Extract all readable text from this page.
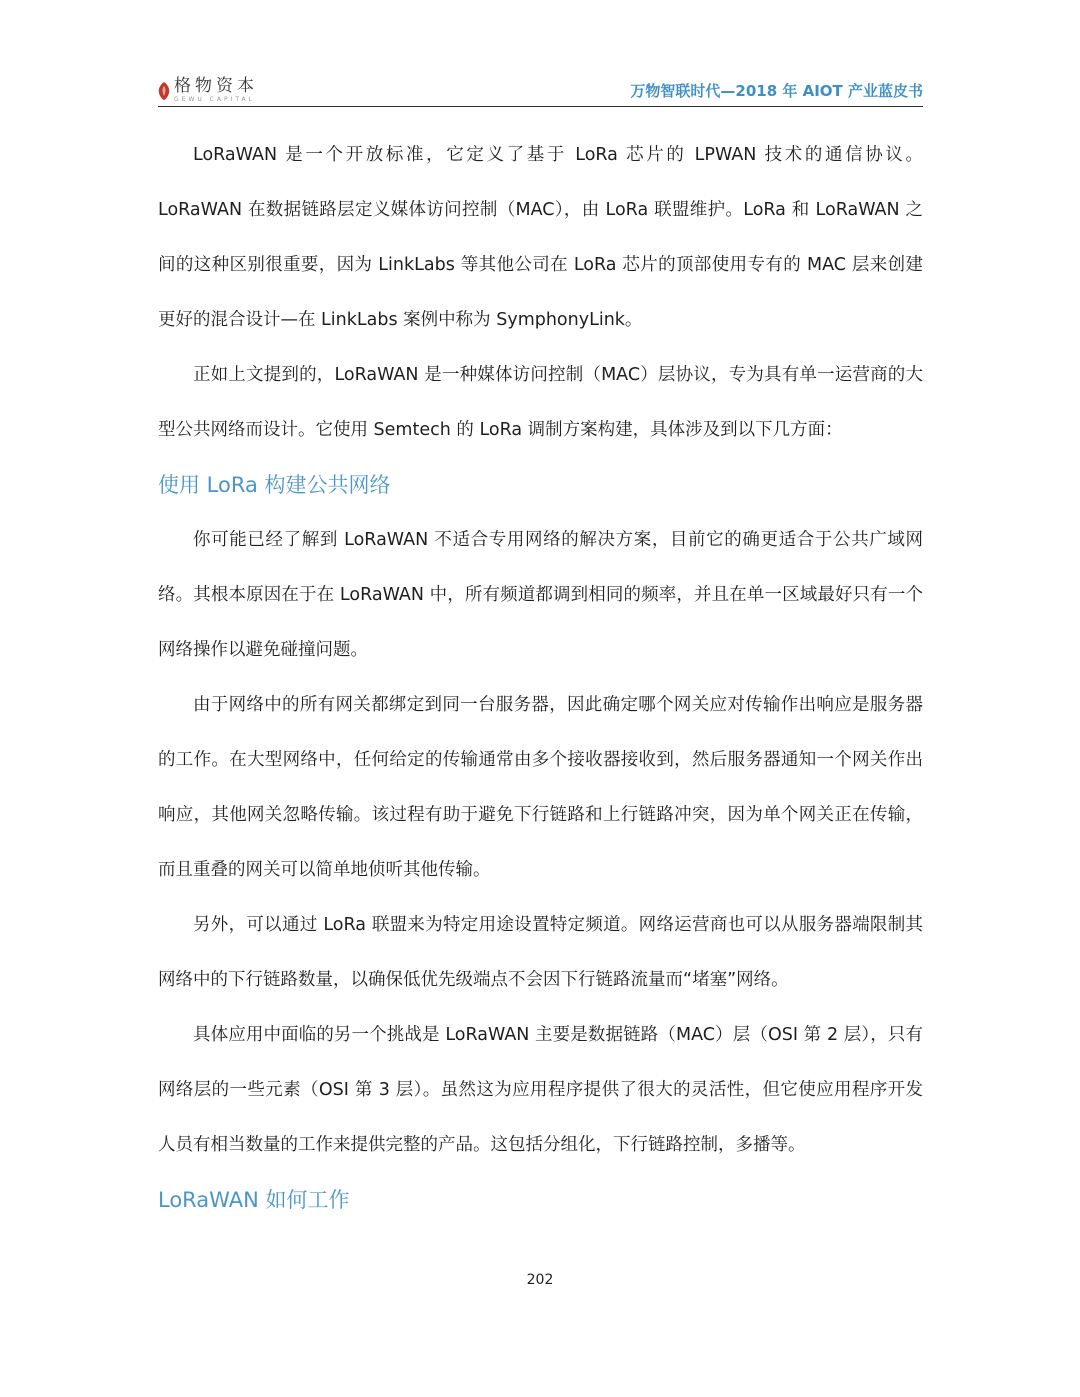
格物资本
GEWU CAPITAL	万物智联时代—2018 年 AIOT 产业蓝皮书

LoRaWAN 是一个开放标准，它定义了基于 LoRa 芯片的 LPWAN 技术的通信协议。LoRaWAN 在数据链路层定义媒体访问控制（MAC），由 LoRa 联盟维护。LoRa 和 LoRaWAN 之间的这种区别很重要，因为 LinkLabs 等其他公司在 LoRa 芯片的顶部使用专有的 MAC 层来创建更好的混合设计—在 LinkLabs 案例中称为 SymphonyLink。

正如上文提到的，LoRaWAN 是一种媒体访问控制（MAC）层协议，专为具有单一运营商的大型公共网络而设计。它使用 Semtech 的 LoRa 调制方案构建，具体涉及到以下几方面：

使用 LoRa 构建公共网络

你可能已经了解到 LoRaWAN 不适合专用网络的解决方案，目前它的确更适合于公共广域网络。其根本原因在于在 LoRaWAN 中，所有频道都调到相同的频率，并且在单一区域最好只有一个网络操作以避免碰撞问题。

由于网络中的所有网关都绑定到同一台服务器，因此确定哪个网关应对传输作出响应是服务器的工作。在大型网络中，任何给定的传输通常由多个接收器接收到，然后服务器通知一个网关作出响应，其他网关忽略传输。该过程有助于避免下行链路和上行链路冲突，因为单个网关正在传输，而且重叠的网关可以简单地侦听其他传输。

另外，可以通过 LoRa 联盟来为特定用途设置特定频道。网络运营商也可以从服务器端限制其网络中的下行链路数量，以确保低优先级端点不会因下行链路流量而“堵塞”网络。

具体应用中面临的另一个挑战是 LoRaWAN 主要是数据链路（MAC）层（OSI 第 2 层），只有网络层的一些元素（OSI 第 3 层）。虽然这为应用程序提供了很大的灵活性，但它使应用程序开发人员有相当数量的工作来提供完整的产品。这包括分组化，下行链路控制，多播等。

LoRaWAN 如何工作
202
